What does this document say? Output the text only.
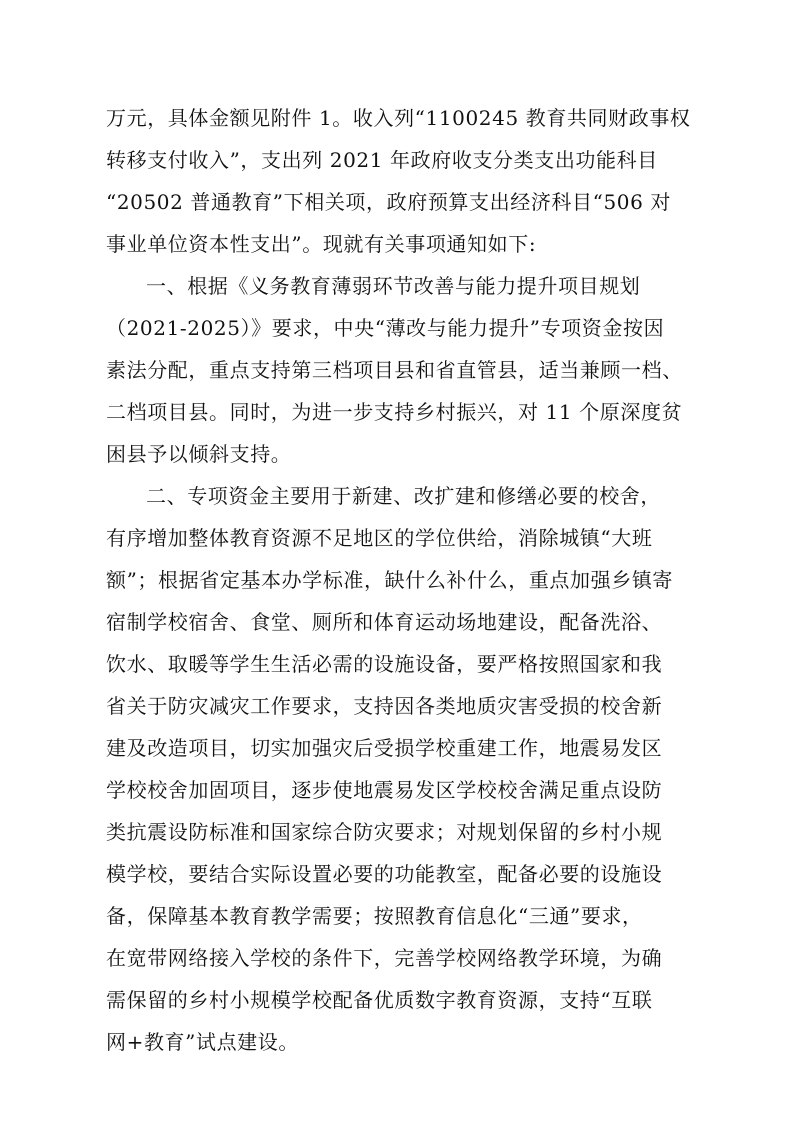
万元，具体金额见附件 1。收入列“1100245 教育共同财政事权
转移支付收入”，支出列 2021 年政府收支分类支出功能科目
“20502 普通教育”下相关项，政府预算支出经济科目“506 对
事业单位资本性支出”。现就有关事项通知如下:
一、根据《义务教育薄弱环节改善与能力提升项目规划
（2021-2025）》要求，中央“薄改与能力提升”专项资金按因
素法分配，重点支持第三档项目县和省直管县，适当兼顾一档、
二档项目县。同时，为进一步支持乡村振兴，对 11 个原深度贫
困县予以倾斜支持。
二、专项资金主要用于新建、改扩建和修缮必要的校舍，
有序增加整体教育资源不足地区的学位供给，消除城镇“大班
额”；根据省定基本办学标准，缺什么补什么，重点加强乡镇寄
宿制学校宿舍、食堂、厕所和体育运动场地建设，配备洗浴、
饮水、取暖等学生生活必需的设施设备，要严格按照国家和我
省关于防灾减灾工作要求，支持因各类地质灾害受损的校舍新
建及改造项目，切实加强灾后受损学校重建工作，地震易发区
学校校舍加固项目，逐步使地震易发区学校校舍满足重点设防
类抗震设防标准和国家综合防灾要求；对规划保留的乡村小规
模学校，要结合实际设置必要的功能教室，配备必要的设施设
备，保障基本教育教学需要；按照教育信息化“三通”要求，
在宽带网络接入学校的条件下，完善学校网络教学环境，为确
需保留的乡村小规模学校配备优质数字教育资源，支持“互联
网+教育”试点建设。
